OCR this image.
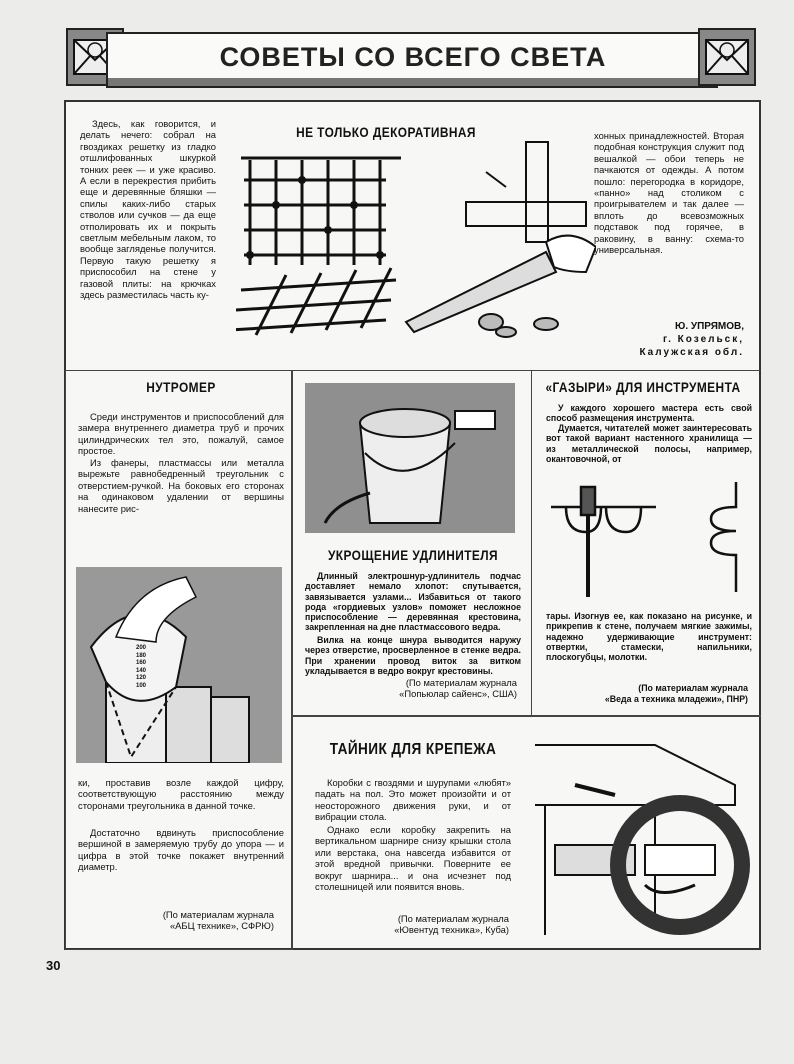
СОВЕТЫ СО ВСЕГО СВЕТА

Здесь, как говорится, и делать нечего: собрал на гвоздиках решетку из гладко отшлифованных шкуркой тонких реек — и уже красиво. А если в перекрестия прибить еще и деревянные бляшки — спилы каких-либо старых стволов или сучков — да еще отполировать их и покрыть светлым мебельным лаком, то вообще загляденье получится. Первую такую решетку я приспособил на стене у газовой плиты: на крючках здесь разместилась часть ку-

НЕ ТОЛЬКО ДЕКОРАТИВНАЯ	хонных принадлежностей. Вторая подобная конструкция служит под вешалкой — обои теперь не пачкаются от одежды. А потом пошло: перегородка в коридоре, «панно» над столиком с проигрывателем и так далее — вплоть до всевозможных подставок под горячее, в раковину, в ванну: схема-то универсальная.

Ю. УПРЯМОВ,
г. Козельск,
Калужская обл.
НУТРОМЕР

Среди инструментов и приспособлений для замера внутреннего диаметра труб и прочих цилиндрических тел это, пожалуй, самое простое.

Из фанеры, пластмассы или металла вырежьте равнобедренный треугольник с отверстием-ручкой. На боковых его сторонах на одинаковом удалении от вершины нанесите рис-

200
180
160
140
120
100

ки, проставив возле каждой цифру, соответствующую расстоянию между сторонами треугольника в данной точке.

Достаточно вдвинуть приспособление вершиной в замеряемую трубу до упора — и цифра в этой точке покажет внутренний диаметр.

(По материалам журнала
«АБЦ технике», СФРЮ)
УКРОЩЕНИЕ УДЛИНИТЕЛЯ

Длинный электрошнур-удлинитель подчас доставляет немало хлопот: спутывается, завязывается узлами... Избавиться от такого рода «гордиевых узлов» поможет несложное приспособление — деревянная крестовина, закрепленная на дне пластмассового ведра.

Вилка на конце шнура выводится наружу через отверстие, просверленное в стенке ведра. При хранении провод виток за витком укладывается в ведро вокруг крестовины.

(По материалам журнала
«Попьюлар сайенс», США)
«ГАЗЫРИ» ДЛЯ ИНСТРУМЕНТА

У каждого хорошего мастера есть свой способ размещения инструмента.

Думается, читателей может заинтересовать вот такой вариант настенного хранилища — из металлической полосы, например, окантовочной, от

тары. Изогнув ее, как показано на рисунке, и прикрепив к стене, получаем мягкие зажимы, надежно удерживающие инструмент: отвертки, стамески, напильники, плоскогубцы, молотки.

(По материалам журнала
«Веда а техника младежи», ПНР)
ТАЙНИК ДЛЯ КРЕПЕЖА

Коробки с гвоздями и шурупами «любят» падать на пол. Это может произойти и от неосторожного движения руки, и от вибрации стола.

Однако если коробку закрепить на вертикальном шарнире снизу крышки стола или верстака, она навсегда избавится от этой вредной привычки. Поверните ее вокруг шарнира... и она исчезнет под столешницей или появится вновь.

(По материалам журнала
«Ювентуд техника», Куба)
30
